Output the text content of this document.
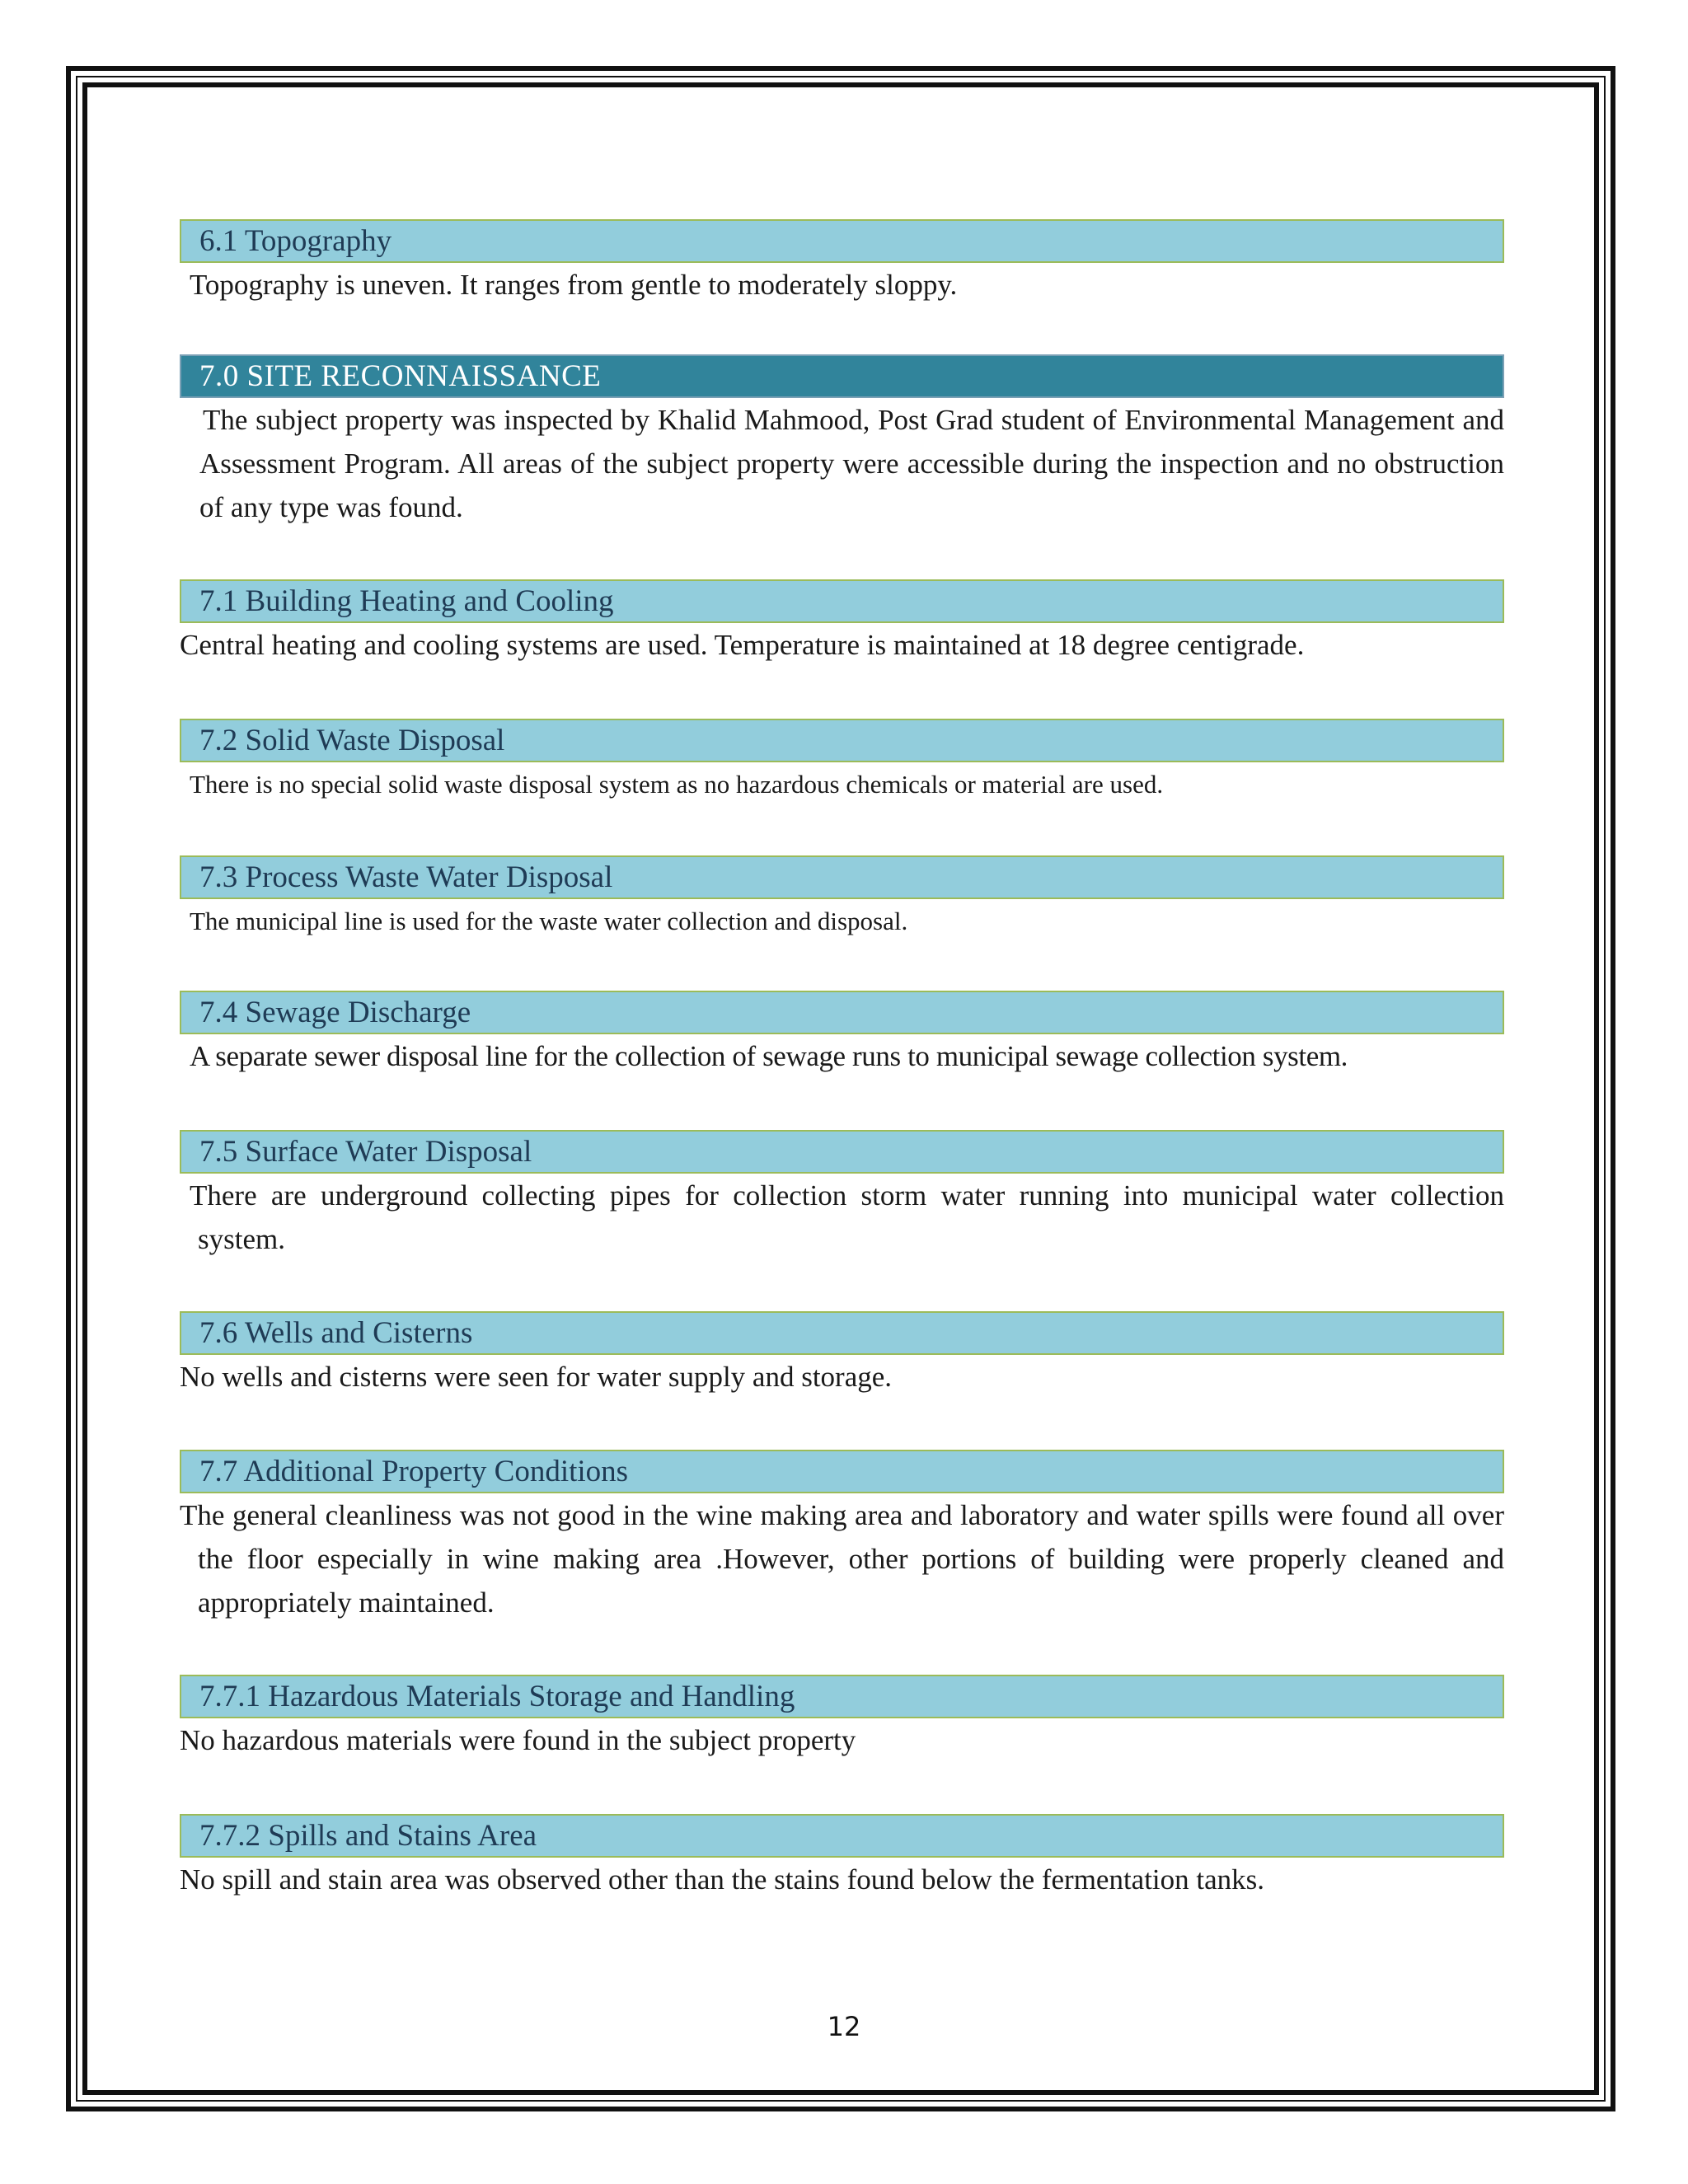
6.1 Topography
Topography is uneven. It ranges from gentle to moderately sloppy.
7.0 SITE RECONNAISSANCE
The subject property was inspected by Khalid Mahmood, Post Grad student of Environmental Management and Assessment Program. All areas of the subject property were accessible during the inspection and no obstruction of any type was found.
7.1 Building Heating and Cooling
Central heating and cooling systems are used. Temperature is maintained at 18 degree centigrade.
7.2 Solid Waste Disposal
There is no special solid waste disposal system as no hazardous chemicals or material are used.
7.3 Process Waste Water Disposal
The municipal line is used for the waste water collection and disposal.
7.4 Sewage Discharge
A separate sewer disposal line for the collection of sewage runs to municipal sewage collection system.
7.5 Surface Water Disposal
There are underground collecting pipes for collection storm water running into municipal water collection system.
7.6 Wells and Cisterns
No wells and cisterns were seen for water supply and storage.
7.7 Additional Property Conditions
The general cleanliness was not good in the wine making area and laboratory and water spills were found all over the floor especially in wine making area .However, other portions of building were properly cleaned and appropriately maintained.
7.7.1 Hazardous Materials Storage and Handling
No hazardous materials were found in the subject property
7.7.2 Spills and Stains Area
No spill and stain area was observed other than the stains found below the fermentation tanks.
12
